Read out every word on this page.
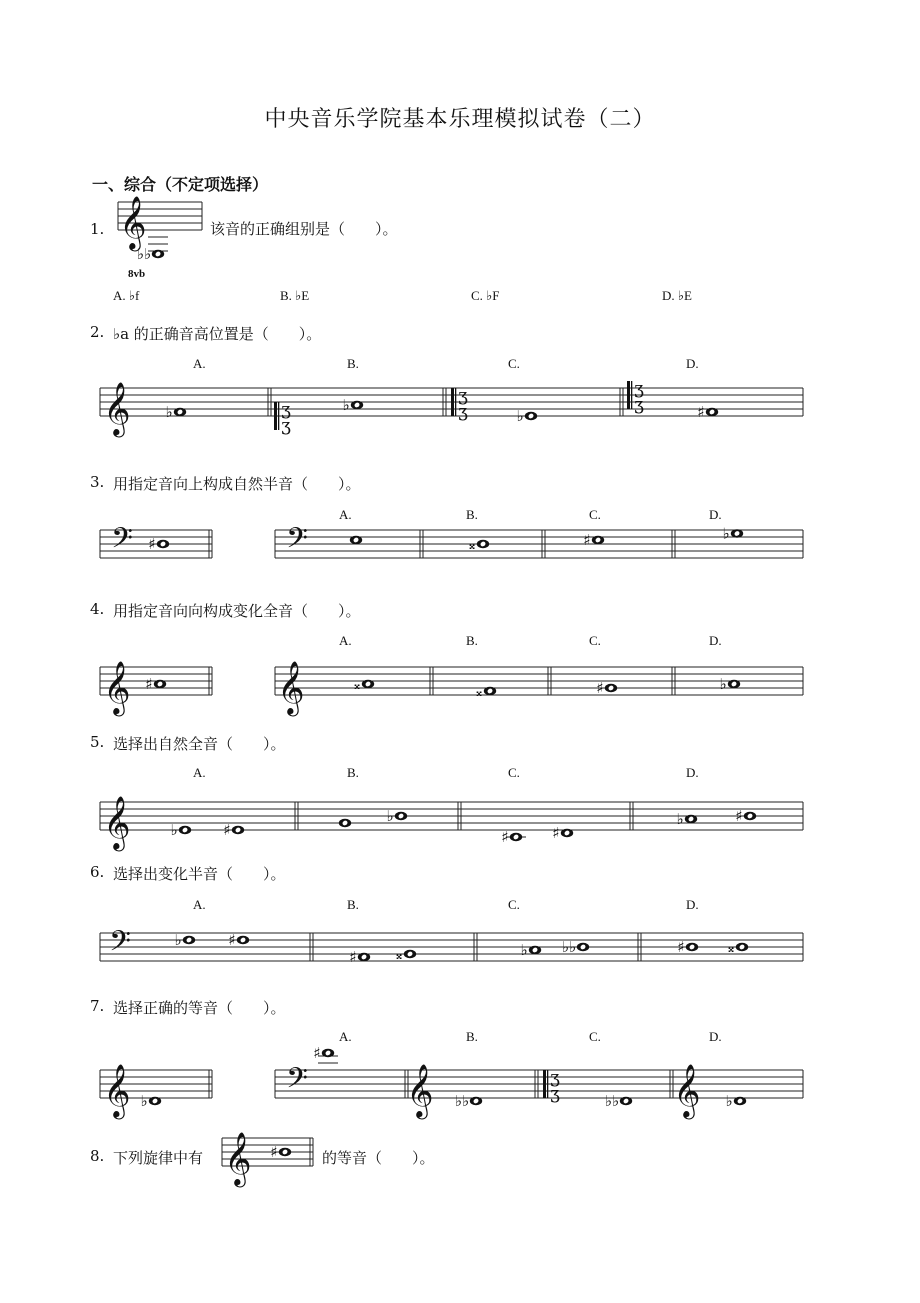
中央音乐学院基本乐理模拟试卷（二）
一、综合（不定项选择）
1.	该音的正确组别是（　　）。
8vb
A. ♭f	B. ♭E	C. ♭F	D. ♭E
2. ♭a 的正确音高位置是（　　）。
A.	B.	C.	D.
3. 用指定音向上构成自然半音（　　）。
A.	B.	C.	D.
4. 用指定音向向构成变化全音（　　）。
A.	B.	C.	D.
5. 选择出自然全音（　　）。
A.	B.	C.	D.
6. 选择出变化半音（　　）。
A.	B.	C.	D.
7. 选择正确的等音（　　）。
A.	B.	C.	D.
8. 下列旋律中有	的等音（　　）。
𝄞
♭♭
𝄞 ♭	ʒ
ʒ
♭	ʒ
ʒ	♭
ʒ
ʒ	♯
𝄢 ♯	𝄢	𝄪	♯	♭
𝄞 ♯	𝄞	𝄪	𝄪	♯	♭
𝄞	♭	♯
♭
♯	♯
♭	♯
𝄢	♭	♯
♯	𝄪	♭ ♭♭	♯	𝄪
𝄞 ♭	𝄢
♯
𝄞 ♭♭
ʒ
ʒ	♭♭ 𝄞 ♭
𝄞 ♯
